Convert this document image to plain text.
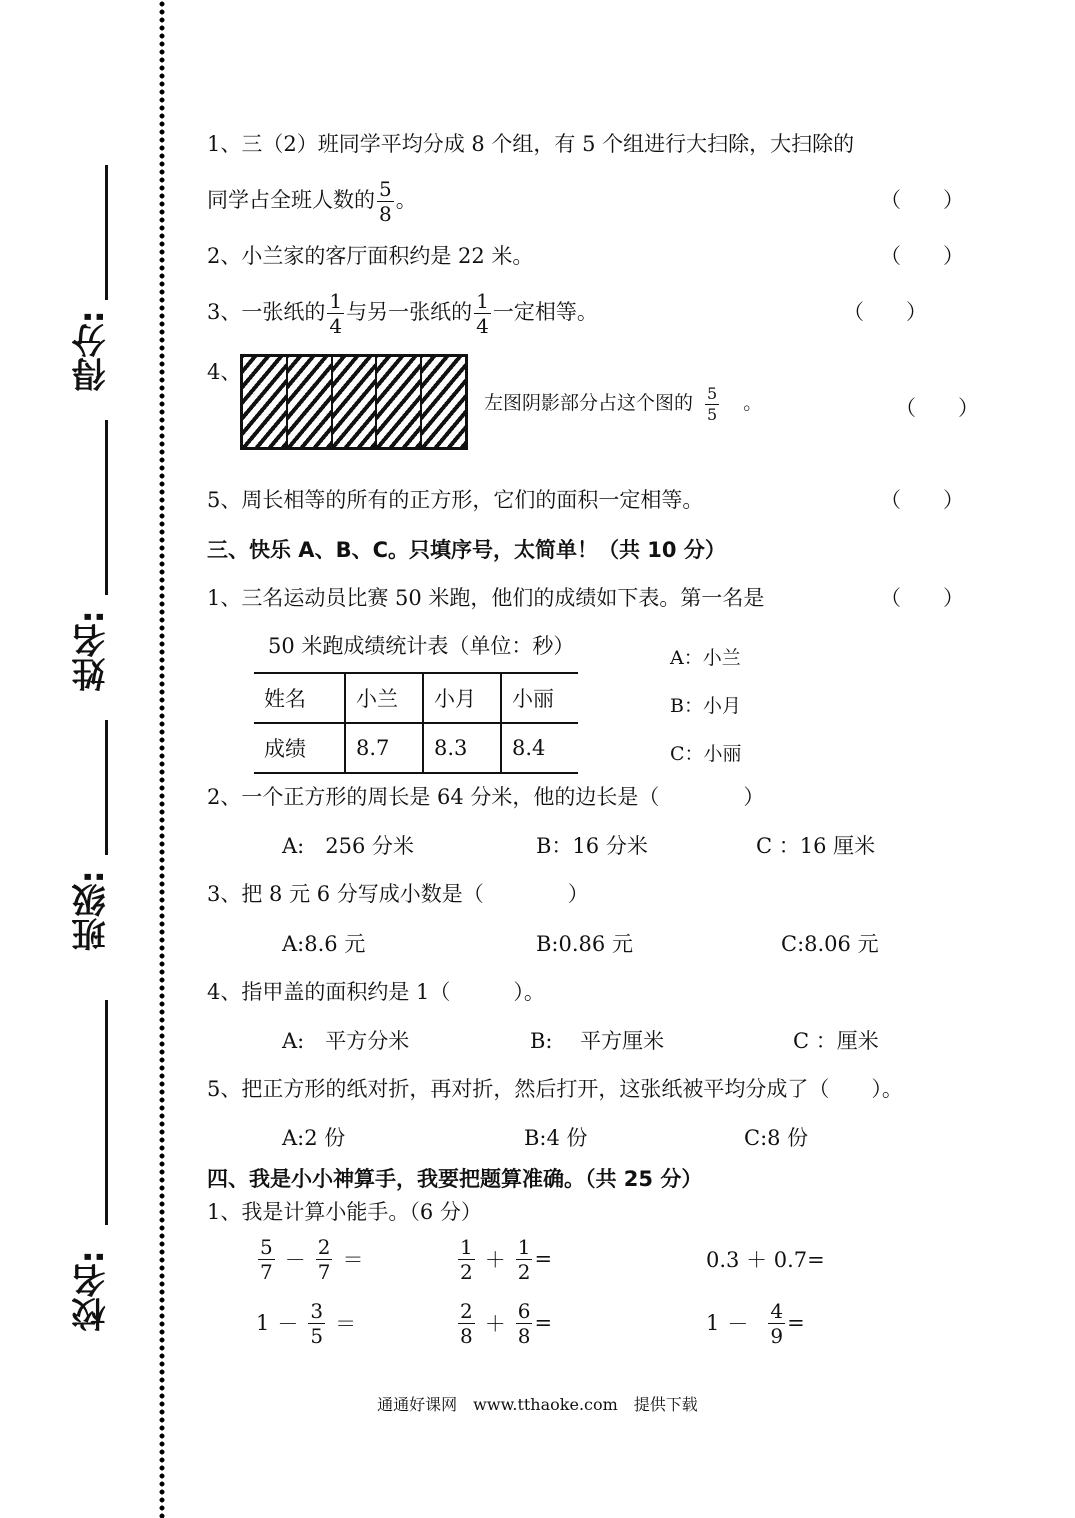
得分:
姓名:
班级:
校名:
1、三（2）班同学平均分成 8 个组，有 5 个组进行大扫除，大扫除的
同学占全班人数的 $\frac{5}{8}$ 。	（　　）
2、小兰家的客厅面积约是 22 米。	（　　）
3、一张纸的 $\frac{1}{4}$ 与另一张纸的 $\frac{1}{4}$ 一定相等。	（　　）
4、
左图阴影部分占这个图的 $\frac{5}{5}$ 。	（　　）
5、周长相等的所有的正方形，它们的面积一定相等。	（　　）
三、快乐 A、B、C。只填序号，太简单！（共 10 分）
1、三名运动员比赛 50 米跑，他们的成绩如下表。第一名是	（　　）
50 米跑成绩统计表（单位：秒）
姓名	小兰	小月	小丽
成绩	8.7	8.3	8.4
A：小兰
B：小月
C：小丽
2、一个正方形的周长是 64 分米，他的边长是（　　　　）
A:　256 分米	B：16 分米	C ：16 厘米
3、把 8 元 6 分写成小数是（　　　　）
A:8.6 元	B:0.86 元	C:8.06 元
4、指甲盖的面积约是 1（　　　）。
A:　平方分米	B:　 平方厘米	C ：厘米
5、把正方形的纸对折，再对折，然后打开，这张纸被平均分成了（　　）。
A:2 份	B:4 份	C:8 份
四、我是小小神算手，我要把题算准确。（共 25 分）
1、我是计算小能手。（6 分）
$\frac{5}{7} - \frac{2}{7}$ ＝	$\frac{1}{2} + \frac{1}{2}$ =	0.3 ＋ 0.7=
$1 - \frac{3}{5}$ ＝	$\frac{2}{8} + \frac{6}{8}$ =	$1 - \frac{4}{9}$ =
通通好课网　www.tthaoke.com　提供下载
